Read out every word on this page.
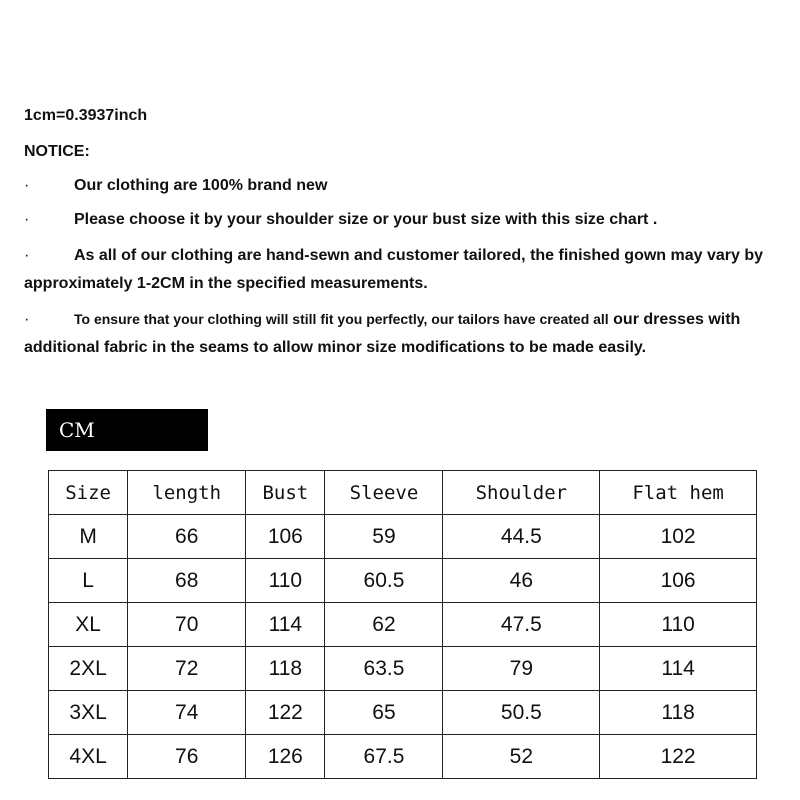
1cm=0.3937inch
NOTICE:
·	Our clothing are 100% brand new
·	Please choose it by your shoulder size or your bust size with this size chart .
·	As all of our clothing are hand-sewn and customer tailored, the finished gown may vary by approximately 1-2CM in the specified measurements.
·	To ensure that your clothing will still fit you perfectly, our tailors have created all our dresses with additional fabric in the seams to allow minor size modifications to be made easily.
CM
Size	length	Bust	Sleeve	Shoulder	Flat hem
M	66	106	59	44.5	102
L	68	110	60.5	46	106
XL	70	114	62	47.5	110
2XL	72	118	63.5	79	114
3XL	74	122	65	50.5	118
4XL	76	126	67.5	52	122
